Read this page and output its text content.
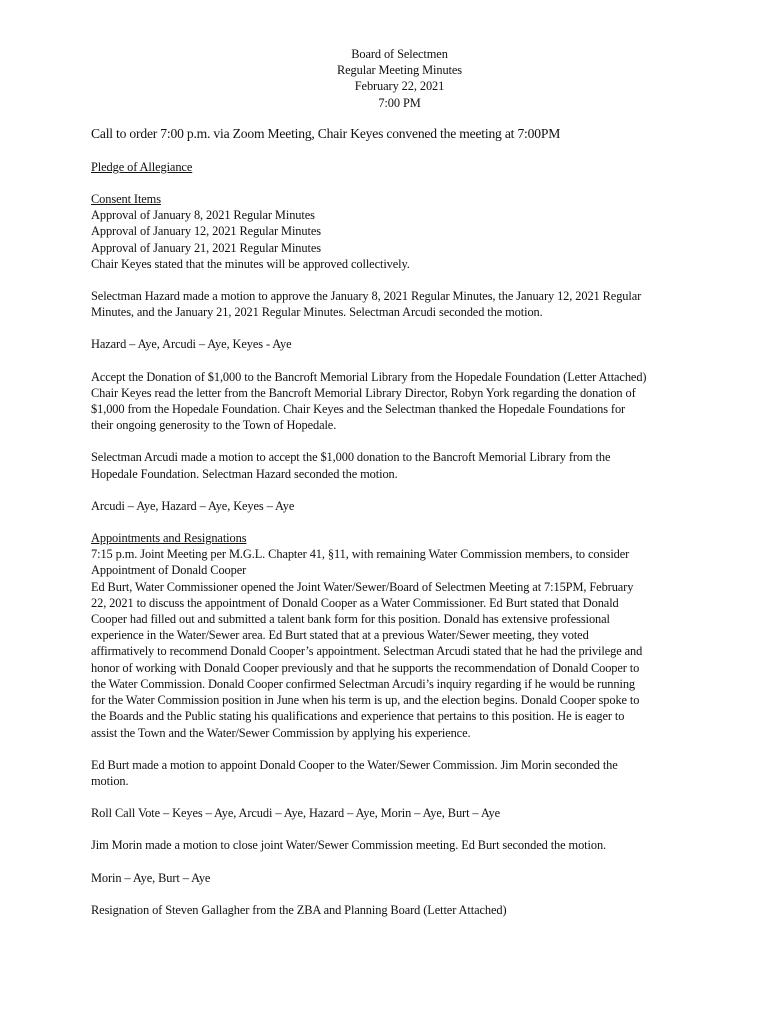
Board of Selectmen
Regular Meeting Minutes
February 22, 2021
7:00 PM

Call to order 7:00 p.m. via Zoom Meeting, Chair Keyes convened the meeting at 7:00PM

Pledge of Allegiance
Consent Items
Approval of January 8, 2021 Regular Minutes
Approval of January 12, 2021 Regular Minutes
Approval of January 21, 2021 Regular Minutes
Chair Keyes stated that the minutes will be approved collectively.
Selectman Hazard made a motion to approve the January 8, 2021 Regular Minutes, the January 12, 2021 Regular
Minutes, and the January 21, 2021 Regular Minutes. Selectman Arcudi seconded the motion.
Hazard – Aye, Arcudi – Aye, Keyes - Aye
Accept the Donation of $1,000 to the Bancroft Memorial Library from the Hopedale Foundation (Letter Attached)
Chair Keyes read the letter from the Bancroft Memorial Library Director, Robyn York regarding the donation of
$1,000 from the Hopedale Foundation. Chair Keyes and the Selectman thanked the Hopedale Foundations for
their ongoing generosity to the Town of Hopedale.
Selectman Arcudi made a motion to accept the $1,000 donation to the Bancroft Memorial Library from the
Hopedale Foundation. Selectman Hazard seconded the motion.
Arcudi – Aye, Hazard – Aye, Keyes – Aye
Appointments and Resignations
7:15 p.m. Joint Meeting per M.G.L. Chapter 41, §11, with remaining Water Commission members, to consider
Appointment of Donald Cooper
Ed Burt, Water Commissioner opened the Joint Water/Sewer/Board of Selectmen Meeting at 7:15PM, February
22, 2021 to discuss the appointment of Donald Cooper as a Water Commissioner. Ed Burt stated that Donald
Cooper had filled out and submitted a talent bank form for this position. Donald has extensive professional
experience in the Water/Sewer area. Ed Burt stated that at a previous Water/Sewer meeting, they voted
affirmatively to recommend Donald Cooper’s appointment. Selectman Arcudi stated that he had the privilege and
honor of working with Donald Cooper previously and that he supports the recommendation of Donald Cooper to
the Water Commission. Donald Cooper confirmed Selectman Arcudi’s inquiry regarding if he would be running
for the Water Commission position in June when his term is up, and the election begins. Donald Cooper spoke to
the Boards and the Public stating his qualifications and experience that pertains to this position. He is eager to
assist the Town and the Water/Sewer Commission by applying his experience.
Ed Burt made a motion to appoint Donald Cooper to the Water/Sewer Commission. Jim Morin seconded the
motion.
Roll Call Vote – Keyes – Aye, Arcudi – Aye, Hazard – Aye, Morin – Aye, Burt – Aye
Jim Morin made a motion to close joint Water/Sewer Commission meeting. Ed Burt seconded the motion.
Morin – Aye, Burt – Aye
Resignation of Steven Gallagher from the ZBA and Planning Board (Letter Attached)
